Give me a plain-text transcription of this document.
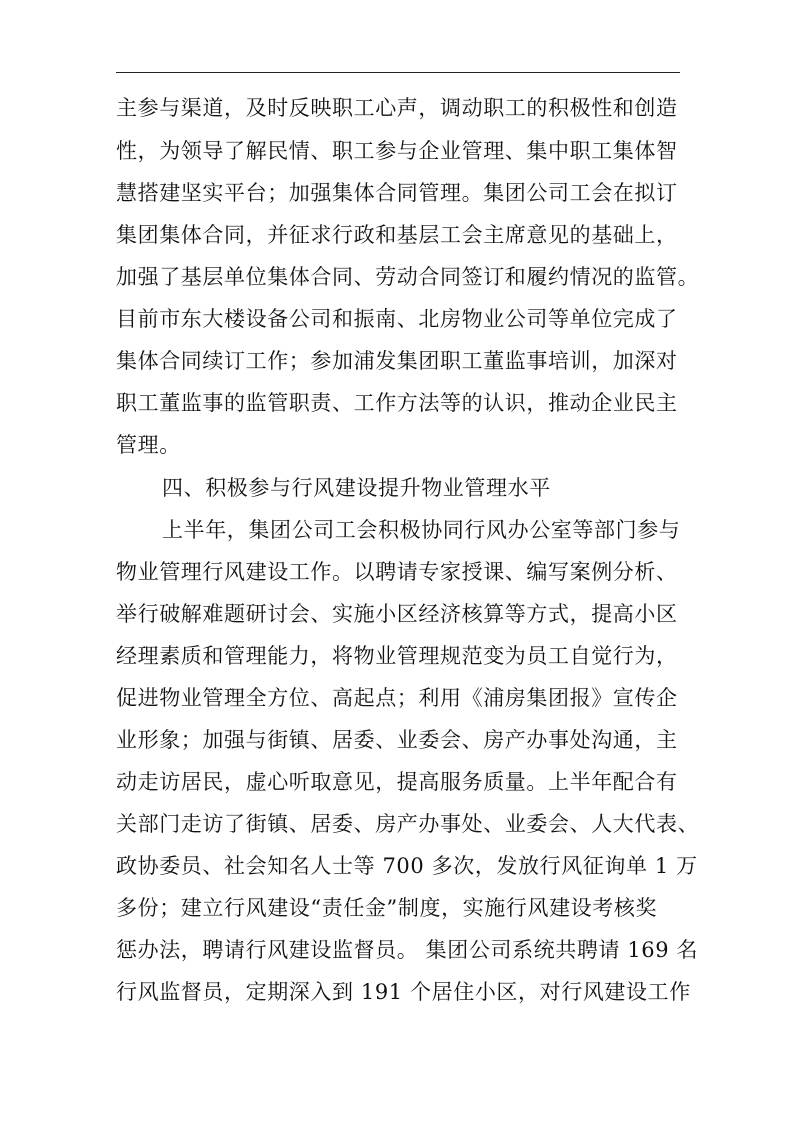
主参与渠道，及时反映职工心声，调动职工的积极性和创造
性，为领导了解民情、职工参与企业管理、集中职工集体智
慧搭建坚实平台；加强集体合同管理。集团公司工会在拟订
集团集体合同，并征求行政和基层工会主席意见的基础上，
加强了基层单位集体合同、劳动合同签订和履约情况的监管。
目前市东大楼设备公司和振南、北房物业公司等单位完成了
集体合同续订工作；参加浦发集团职工董监事培训，加深对
职工董监事的监管职责、工作方法等的认识，推动企业民主
管理。
四、积极参与行风建设提升物业管理水平
上半年，集团公司工会积极协同行风办公室等部门参与
物业管理行风建设工作。以聘请专家授课、编写案例分析、
举行破解难题研讨会、实施小区经济核算等方式，提高小区
经理素质和管理能力，将物业管理规范变为员工自觉行为，
促进物业管理全方位、高起点；利用《浦房集团报》宣传企
业形象；加强与街镇、居委、业委会、房产办事处沟通，主
动走访居民，虚心听取意见，提高服务质量。上半年配合有
关部门走访了街镇、居委、房产办事处、业委会、人大代表、
政协委员、社会知名人士等 700 多次，发放行风征询单 1 万
多份；建立行风建设“责任金”制度，实施行风建设考核奖
惩办法，聘请行风建设监督员。 集团公司系统共聘请 169 名
行风监督员，定期深入到 191 个居住小区，对行风建设工作
